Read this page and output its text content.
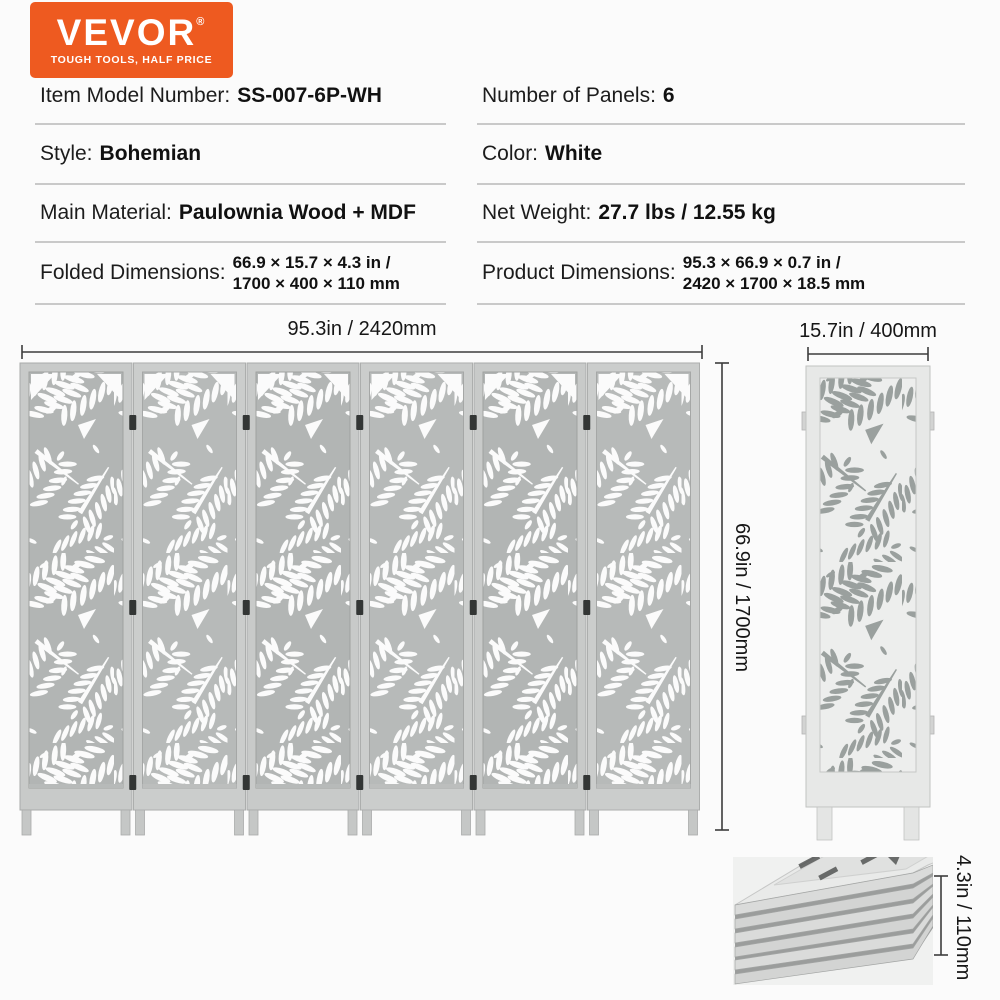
VEVOR ®
TOUGH TOOLS, HALF PRICE
Item Model Number: SS-007-6P-WH
Style: Bohemian
Main Material: Paulownia Wood + MDF
Folded Dimensions: 66.9 × 15.7 × 4.3 in /
1700 × 400 × 110 mm
Number of Panels: 6
Color: White
Net Weight: 27.7 lbs / 12.55 kg
Product Dimensions: 95.3 × 66.9 × 0.7 in /
2420 × 1700 × 18.5 mm
95.3in / 2420mm	15.7in / 400mm
66.9in / 1700mm
4.3in / 110mm
